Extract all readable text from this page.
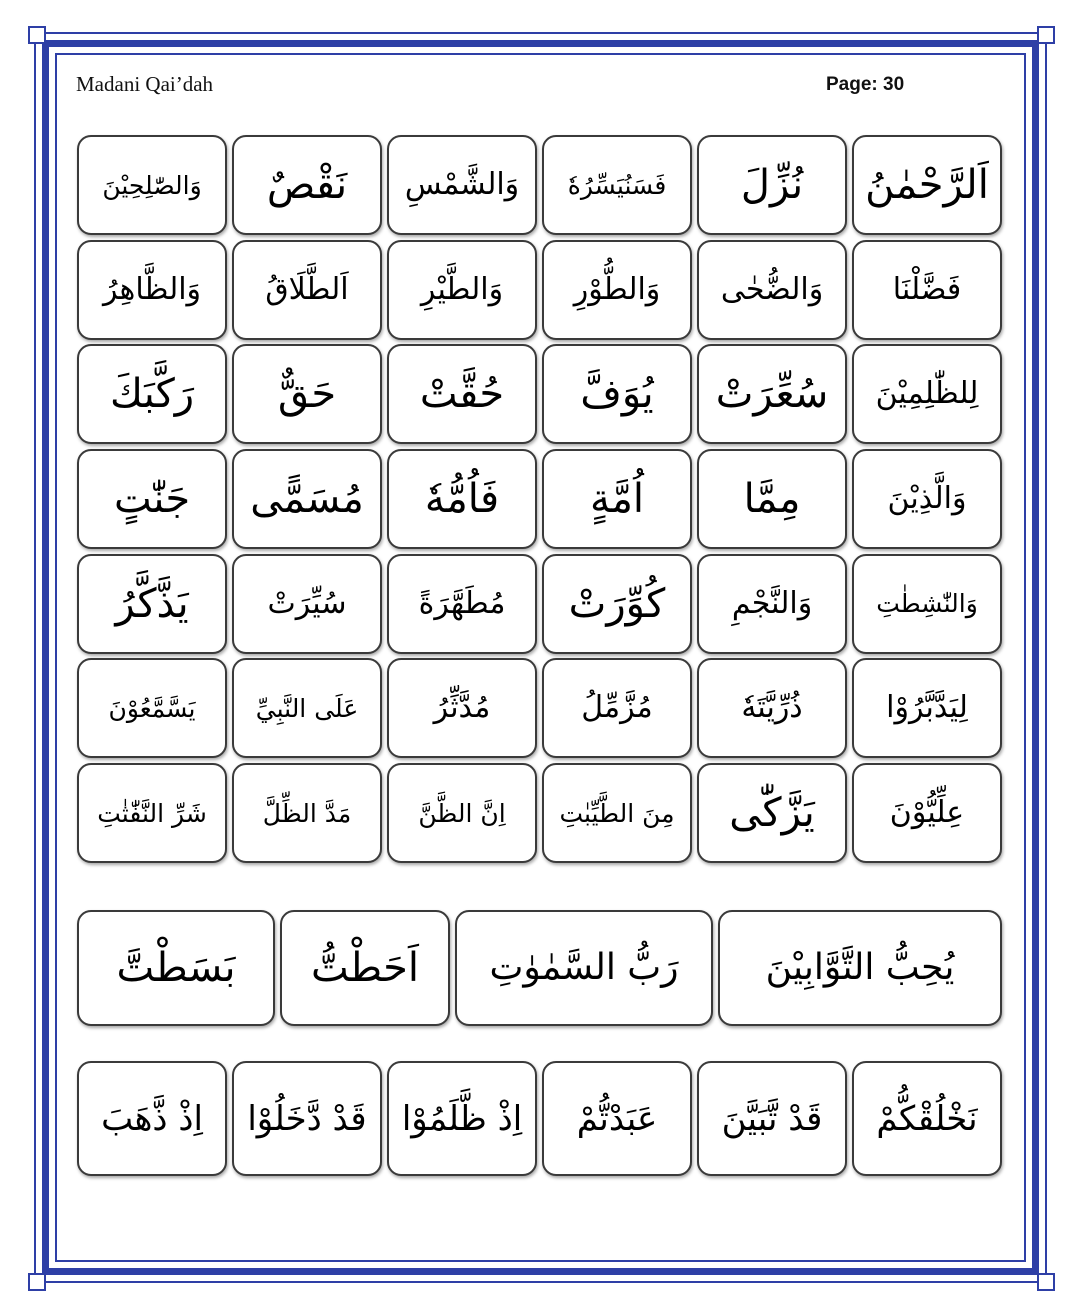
Madani Qai’dah	Page: 30
اَلرَّحْمٰنُ
نُزِّلَ
فَسَنُيَسِّرُهٗ
وَالشَّمْسِ
نَقْصٌ
وَالصّٰلِحِيْنَ
فَضَّلْنَا
وَالضُّحٰى
وَالطُّوْرِ
وَالطَّيْرِ
اَلطَّلَاقُ
وَالظَّاهِرُ
لِلظّٰلِمِيْنَ
سُعِّرَتْ
يُوَفَّ
حُقَّتْ
حَقٌّ
رَكَّبَكَ
وَالَّذِيْنَ
مِمَّا
اُمَّةٍ
فَاُمُّهٗ
مُسَمًّى
جَنّٰتٍ
وَالنّٰشِطٰتِ
وَالنَّجْمِ
كُوِّرَتْ
مُطَهَّرَةً
سُيِّرَتْ
يَذَّكَّرُ
لِيَدَّبَّرُوْا
ذُرِّيَّتَهٗ
مُزَّمِّلُ
مُدَّثِّرُ
عَلَى النَّبِيِّ
يَسَّمَّعُوْنَ
عِلِّيُّوْنَ
يَزَّكّٰى
مِنَ الطَّيِّبٰتِ
اِنَّ الظَّنَّ
مَدَّ الظِّلَّ
شَرِّ النَّفّٰثٰتِ
يُحِبُّ التَّوَّابِيْنَ
رَبُّ السَّمٰوٰتِ
اَحَطْتُّ
بَسَطْتَّ
نَخْلُقْكُّمْ
قَدْ تَّبَيَّنَ
عَبَدْتُّمْ
اِذْ ظَّلَمُوْا
قَدْ دَّخَلُوْا
اِذْ ذَّهَبَ
